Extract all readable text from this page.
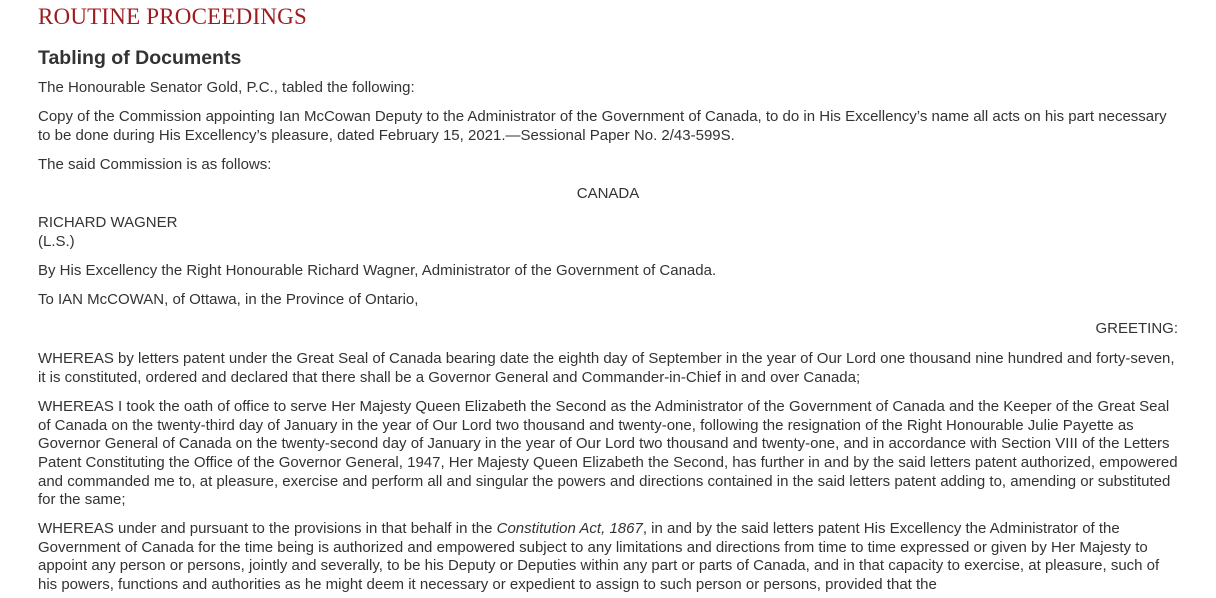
ROUTINE PROCEEDINGS
Tabling of Documents

The Honourable Senator Gold, P.C., tabled the following:

Copy of the Commission appointing Ian McCowan Deputy to the Administrator of the Government of Canada, to do in His Excellency’s name all acts on his part necessary to be done during His Excellency’s pleasure, dated February 15, 2021.—Sessional Paper No. 2/43-599S.

The said Commission is as follows:

CANADA

RICHARD WAGNER
(L.S.)

By His Excellency the Right Honourable Richard Wagner, Administrator of the Government of Canada.

To IAN McCOWAN, of Ottawa, in the Province of Ontario,

GREETING:

WHEREAS by letters patent under the Great Seal of Canada bearing date the eighth day of September in the year of Our Lord one thousand nine hundred and forty-seven, it is constituted, ordered and declared that there shall be a Governor General and Commander-in-Chief in and over Canada;

WHEREAS I took the oath of office to serve Her Majesty Queen Elizabeth the Second as the Administrator of the Government of Canada and the Keeper of the Great Seal of Canada on the twenty-third day of January in the year of Our Lord two thousand and twenty-one, following the resignation of the Right Honourable Julie Payette as Governor General of Canada on the twenty-second day of January in the year of Our Lord two thousand and twenty-one, and in accordance with Section VIII of the Letters Patent Constituting the Office of the Governor General, 1947, Her Majesty Queen Elizabeth the Second, has further in and by the said letters patent authorized, empowered and commanded me to, at pleasure, exercise and perform all and singular the powers and directions contained in the said letters patent adding to, amending or substituted for the same;

WHEREAS under and pursuant to the provisions in that behalf in the Constitution Act, 1867, in and by the said letters patent His Excellency the Administrator of the Government of Canada for the time being is authorized and empowered subject to any limitations and directions from time to time expressed or given by Her Majesty to appoint any person or persons, jointly and severally, to be his Deputy or Deputies within any part or parts of Canada, and in that capacity to exercise, at pleasure, such of his powers, functions and authorities as he might deem it necessary or expedient to assign to such person or persons, provided that the
